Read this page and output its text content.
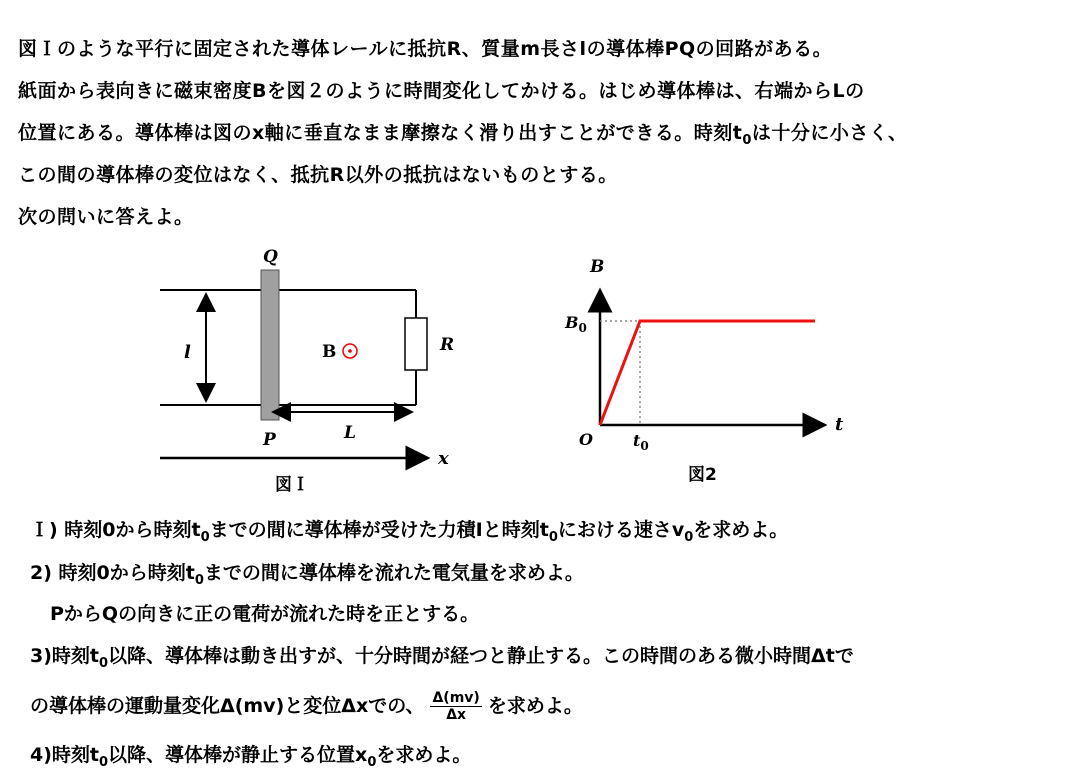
図Ｉのような平行に固定された導体レールに抵抗R、質量m長さlの導体棒PQの回路がある。
紙面から表向きに磁束密度Bを図２のように時間変化してかける。はじめ導体棒は、右端からLの
位置にある。導体棒は図のx軸に垂直なまま摩擦なく滑り出すことができる。時刻$t_0$は十分に小さく、
この間の導体棒の変位はなく、抵抗R以外の抵抗はないものとする。
次の問いに答えよ。
Q
P
l
L
R
x
B
図Ｉ
B
$B_0$
O	$t_0$
t
図2
Ｉ) 時刻0から時刻$t_0$までの間に導体棒が受けた力積Iと時刻$t_0$における速さ$v_0$を求めよ。
2) 時刻0から時刻$t_0$までの間に導体棒を流れた電気量を求めよ。
PからQの向きに正の電荷が流れた時を正とする。
3)時刻$t_0$以降、導体棒は動き出すが、十分時間が経つと静止する。この時間のある微小時間Δtで
の導体棒の運動量変化Δ(mv)と変位Δxでの、 $\frac{\Delta(mv)}{\Delta x}$ を求めよ。
4)時刻$t_0$以降、導体棒が静止する位置$x_0$を求めよ。
